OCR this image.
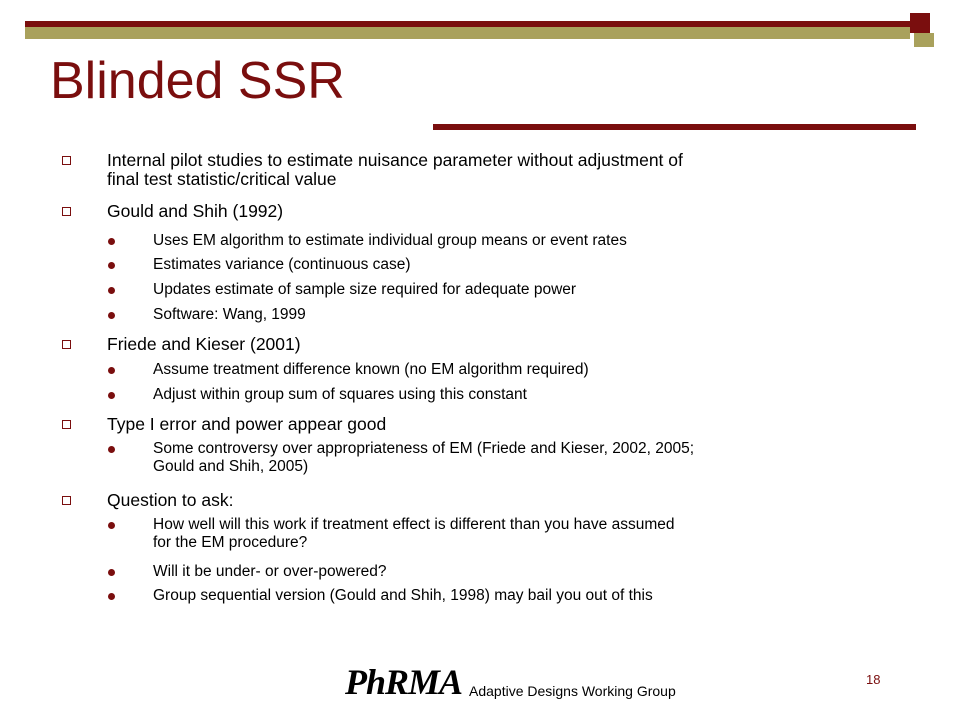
Blinded SSR
Internal pilot studies to estimate nuisance parameter without adjustment of
final test statistic/critical value
Gould and Shih (1992)
Uses EM algorithm to estimate individual group means or event rates
Estimates variance (continuous case)
Updates estimate of sample size required for adequate power
Software: Wang, 1999
Friede and Kieser (2001)
Assume treatment difference known (no EM algorithm required)
Adjust within group sum of squares using this constant
Type I error and power appear good
Some controversy over appropriateness of EM (Friede and Kieser, 2002, 2005;
Gould and Shih, 2005)
Question to ask:
How well will this work if treatment effect is different than you have assumed
for the EM procedure?
Will it be under- or over-powered?
Group sequential version (Gould and Shih, 1998) may bail you out of this
PhRMA Adaptive Designs Working Group
18
